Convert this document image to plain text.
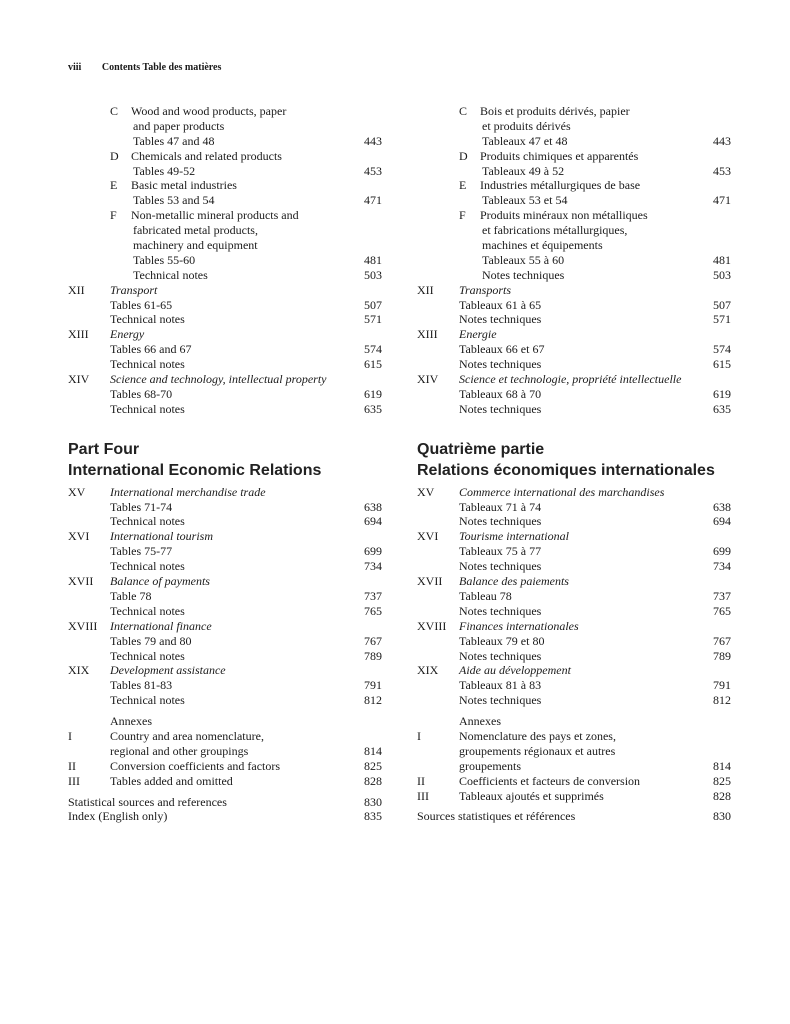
viii Contents Table des matières
C Wood and wood products, paper
and paper products
Tables 47 and 48	443
D Chemicals and related products
Tables 49-52	453
E Basic metal industries
Tables 53 and 54	471
F Non-metallic mineral products and
fabricated metal products,
machinery and equipment
Tables 55-60	481
Technical notes	503
XII Transport
Tables 61-65	507
Technical notes	571
XIII Energy
Tables 66 and 67	574
Technical notes	615
XIV Science and technology, intellectual property
Tables 68-70	619
Technical notes	635
Part Four
International Economic Relations
XV International merchandise trade
Tables 71-74	638
Technical notes	694
XVI International tourism
Tables 75-77	699
Technical notes	734
XVII Balance of payments
Table 78	737
Technical notes	765
XVIII International finance
Tables 79 and 80	767
Technical notes	789
XIX Development assistance
Tables 81-83	791
Technical notes	812
Annexes
I	Country and area nomenclature,
regional and other groupings	814
II	Conversion coefficients and factors	825
III	Tables added and omitted	828
Statistical sources and references	830
Index (English only)	835
C Bois et produits dérivés, papier
et produits dérivés
Tableaux 47 et 48	443
D Produits chimiques et apparentés
Tableaux 49 à 52	453
E Industries métallurgiques de base
Tableaux 53 et 54	471
F Produits minéraux non métalliques
et fabrications métallurgiques,
machines et équipements
Tableaux 55 à 60	481
Notes techniques	503
XII Transports
Tableaux 61 à 65	507
Notes techniques	571
XIII Energie
Tableaux 66 et 67	574
Notes techniques	615
XIV Science et technologie, propriété intellectuelle
Tableaux 68 à 70	619
Notes techniques	635
Quatrième partie
Relations économiques internationales
XV Commerce international des marchandises
Tableaux 71 à 74	638
Notes techniques	694
XVI Tourisme international
Tableaux 75 à 77	699
Notes techniques	734
XVII Balance des paiements
Tableau 78	737
Notes techniques	765
XVIII Finances internationales
Tableaux 79 et 80	767
Notes techniques	789
XIX Aide au développement
Tableaux 81 à 83	791
Notes techniques	812
Annexes
I	Nomenclature des pays et zones,
groupements régionaux et autres
groupements	814
II	Coefficients et facteurs de conversion	825
III	Tableaux ajoutés et supprimés	828
Sources statistiques et références	830
